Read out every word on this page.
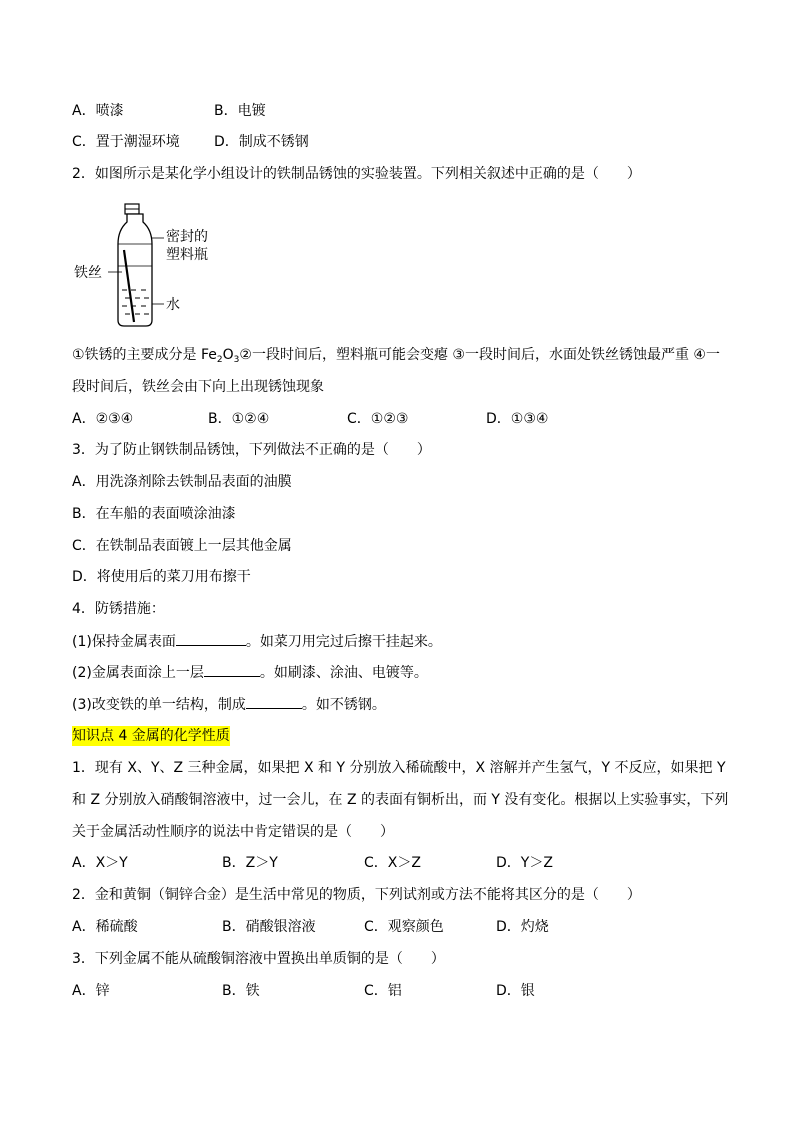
A．喷漆	B．电镀
C．置于潮湿环境 D．制成不锈钢
2．如图所示是某化学小组设计的铁制品锈蚀的实验装置。下列相关叙述中正确的是（　　）
密封的
塑料瓶
铁丝
水
①铁锈的主要成分是 $Fe_2O_3②$一段时间后，塑料瓶可能会变瘪 ③一段时间后，水面处铁丝锈蚀最严重 ④一
段时间后，铁丝会由下向上出现锈蚀现象
A．②③④	B．①②④	C．①②③	D．①③④
3．为了防止钢铁制品锈蚀，下列做法不正确的是（　　）
A．用洗涤剂除去铁制品表面的油膜
B．在车船的表面喷涂油漆
C．在铁制品表面镀上一层其他金属
D．将使用后的菜刀用布擦干
4．防锈措施：
(1)保持金属表面	。如菜刀用完过后擦干挂起来。
(2)金属表面涂上一层	。如刷漆、涂油、电镀等。
(3)改变铁的单一结构，制成	。如不锈钢。
知识点 4 金属的化学性质
1．现有 X、Y、Z 三种金属，如果把 X 和 Y 分别放入稀硫酸中，X 溶解并产生氢气，Y 不反应，如果把 Y
和 Z 分别放入硝酸铜溶液中，过一会儿，在 Z 的表面有铜析出，而 Y 没有变化。根据以上实验事实，下列
关于金属活动性顺序的说法中肯定错误的是（　　）
A．X＞Y	B．Z＞Y	C．X＞Z	D．Y＞Z
2．金和黄铜（铜锌合金）是生活中常见的物质，下列试剂或方法不能将其区分的是（　　）
A．稀硫酸	B．硝酸银溶液	C．观察颜色	D．灼烧
3．下列金属不能从硫酸铜溶液中置换出单质铜的是（　　）
A．锌	B．铁	C．铝	D．银
